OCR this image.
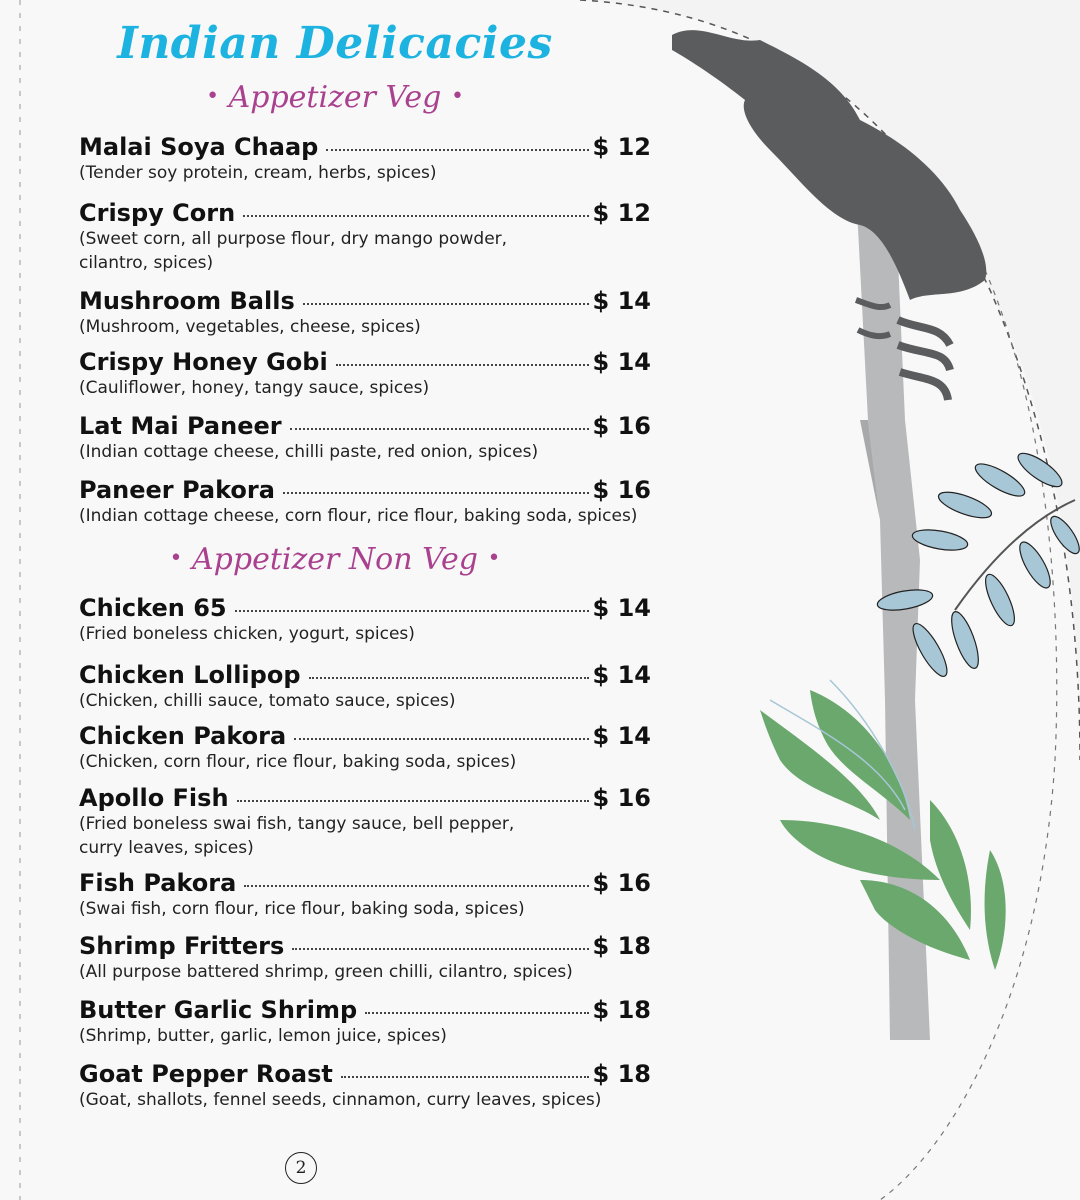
Indian Delicacies
• Appetizer Veg •
Malai Soya Chaap	$ 12
(Tender soy protein, cream, herbs, spices)
Crispy Corn	$ 12
(Sweet corn, all purpose flour, dry mango powder,
cilantro, spices)
Mushroom Balls	$ 14
(Mushroom, vegetables, cheese, spices)
Crispy Honey Gobi	$ 14
(Cauliflower, honey, tangy sauce, spices)
Lat Mai Paneer	$ 16
(Indian cottage cheese, chilli paste, red onion, spices)
Paneer Pakora	$ 16
(Indian cottage cheese, corn flour, rice flour, baking soda, spices)
• Appetizer Non Veg •
Chicken 65	$ 14
(Fried boneless chicken, yogurt, spices)
Chicken Lollipop	$ 14
(Chicken, chilli sauce, tomato sauce, spices)
Chicken Pakora	$ 14
(Chicken, corn flour, rice flour, baking soda, spices)
Apollo Fish	$ 16
(Fried boneless swai fish, tangy sauce, bell pepper,
curry leaves, spices)
Fish Pakora	$ 16
(Swai fish, corn flour, rice flour, baking soda, spices)
Shrimp Fritters	$ 18
(All purpose battered shrimp, green chilli, cilantro, spices)
Butter Garlic Shrimp	$ 18
(Shrimp, butter, garlic, lemon juice, spices)
Goat Pepper Roast	$ 18
(Goat, shallots, fennel seeds, cinnamon, curry leaves, spices)
2
